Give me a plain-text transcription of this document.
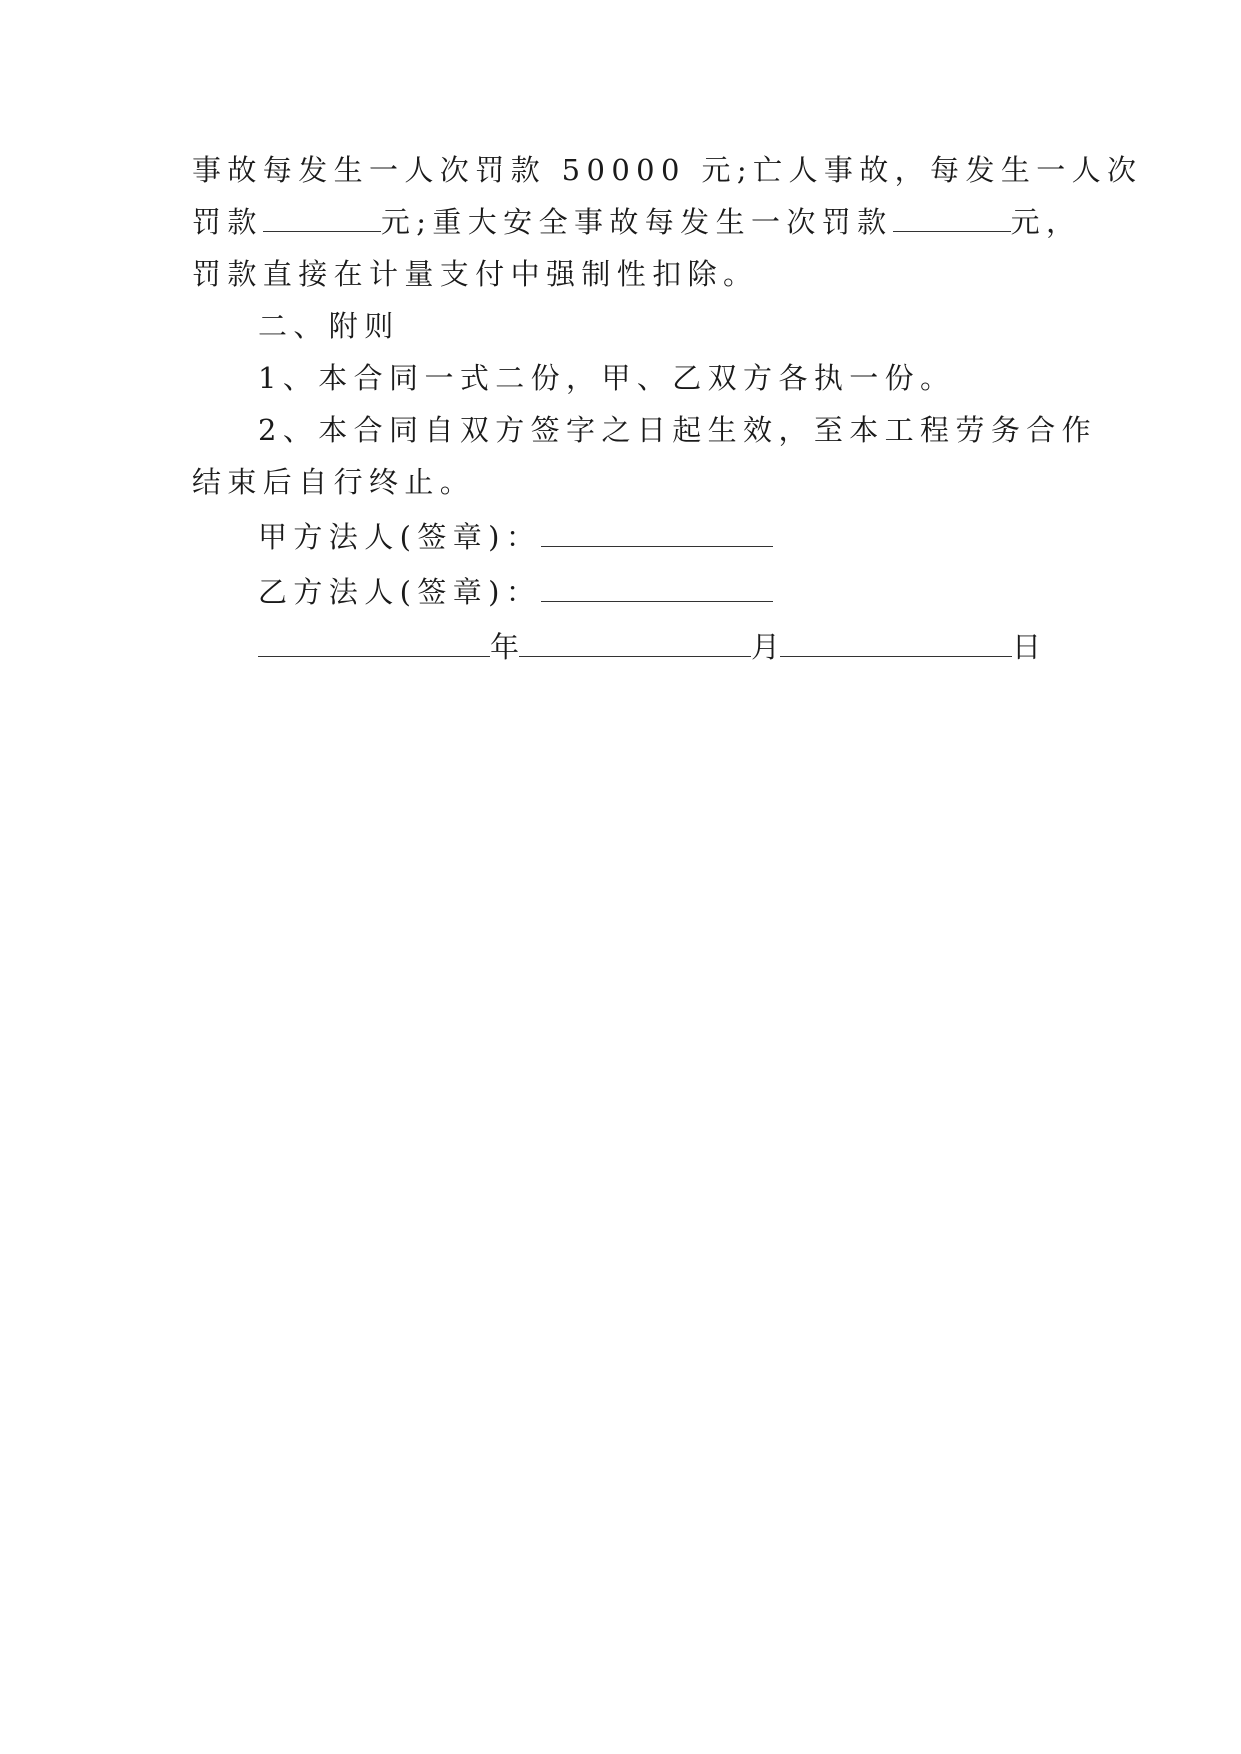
事故每发生一人次罚款 50000 元;亡人事故，每发生一人次
罚款	元;重大安全事故每发生一次罚款	元，
罚款直接在计量支付中强制性扣除。
二、附则
1、本合同一式二份，甲、乙双方各执一份。
2、本合同自双方签字之日起生效，至本工程劳务合作
结束后自行终止。
甲方法人(签章)：
乙方法人(签章)：
年	月	日
